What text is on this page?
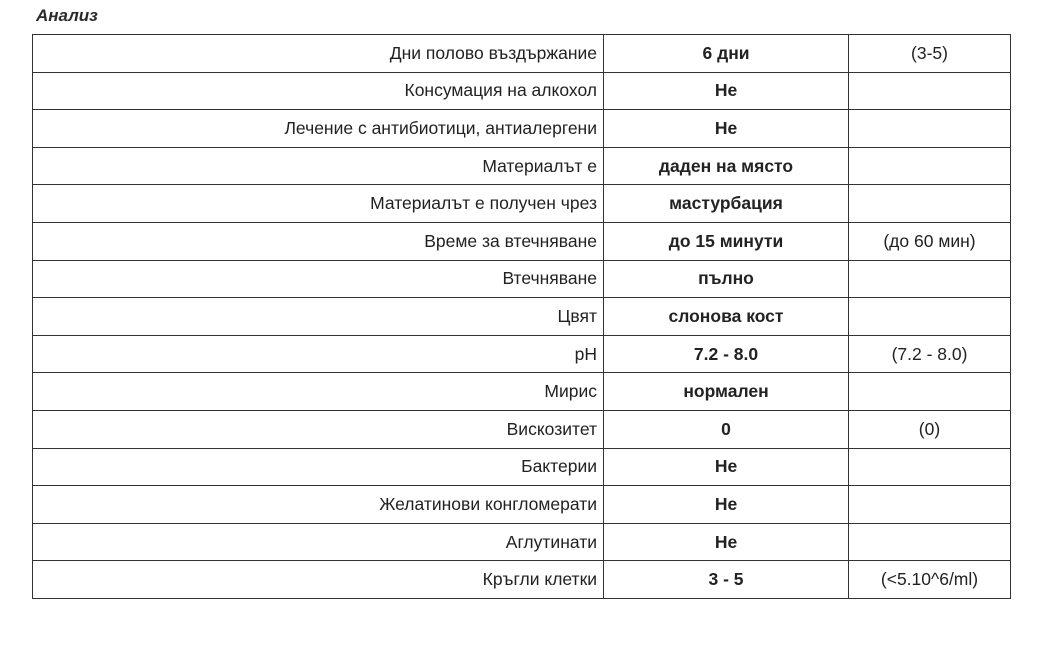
Анализ
Дни полово въздържание	6 дни	(3-5)
Консумация на алкохол	Не	
Лечение с антибиотици, антиалергени	Не	
Материалът е	даден на място	
Материалът е получен чрез	мастурбация	
Време за втечняване	до 15 минути	(до 60 мин)
Втечняване	пълно	
Цвят	слонова кост	
pH	7.2 - 8.0	(7.2 - 8.0)
Мирис	нормален	
Вискозитет	0	(0)
Бактерии	Не	
Желатинови конгломерати	Не	
Аглутинати	Не	
Кръгли клетки	3 - 5	(<5.10^6/ml)
